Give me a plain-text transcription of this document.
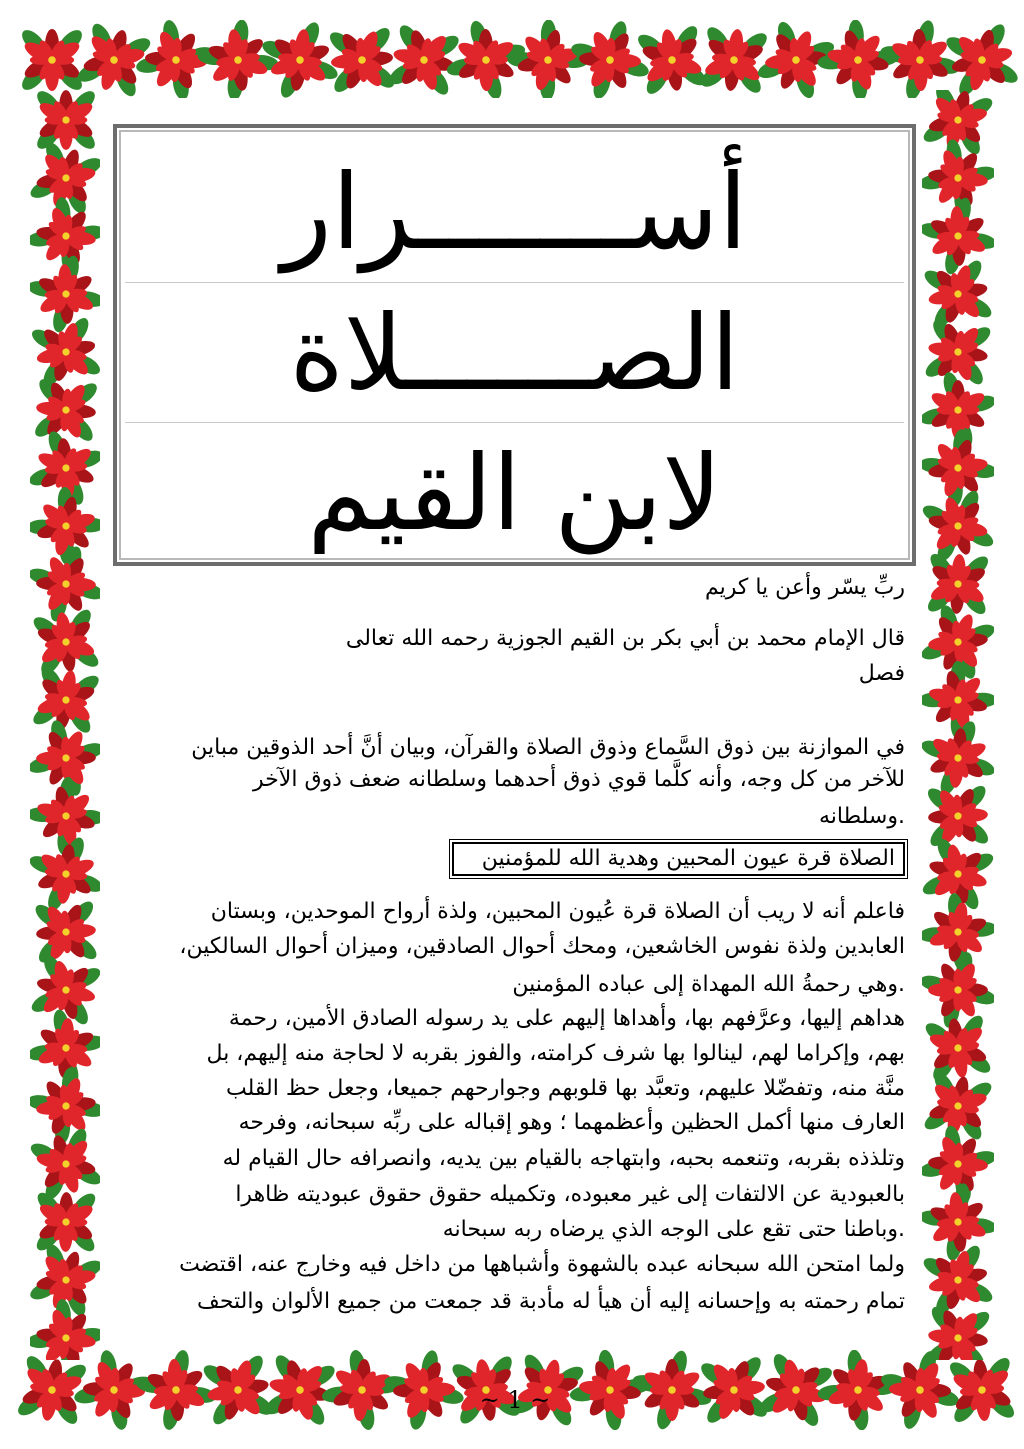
أســـــــرار
الصــــــلاة
لابن القيم
ربِّ يسّر وأعن يا كريم
قال الإمام محمد بن أبي بكر بن القيم الجوزية رحمه الله تعالى
فصل
في الموازنة بين ذوق السَّماع وذوق الصلاة والقرآن، وبيان أنَّ أحد الذوقين مباين
للآخر من كل وجه، وأنه كلَّما قوي ذوق أحدهما وسلطانه ضعف ذوق الآخر
.وسلطانه
الصلاة قرة عيون المحبين وهدية الله للمؤمنين
فاعلم أنه لا ريب أن الصلاة قرة عُيون المحبين، ولذة أرواح الموحدين، وبستان
العابدين ولذة نفوس الخاشعين، ومحك أحوال الصادقين، وميزان أحوال السالكين،
.وهي رحمةُ الله المهداة إلى عباده المؤمنين
هداهم إليها، وعرَّفهم بها، وأهداها إليهم على يد رسوله الصادق الأمين، رحمة
بهم، وإكراما لهم، لينالوا بها شرف كرامته، والفوز بقربه لا لحاجة منه إليهم، بل
منَّة منه، وتفضّلا عليهم، وتعبَّد بها قلوبهم وجوارحهم جميعا، وجعل حظ القلب
العارف منها أكمل الحظين وأعظمهما ؛ وهو إقباله على ربِّه سبحانه، وفرحه
وتلذذه بقربه، وتنعمه بحبه، وابتهاجه بالقيام بين يديه، وانصرافه حال القيام له
بالعبودية عن الالتفات إلى غير معبوده، وتكميله حقوق حقوق عبوديته ظاهرا
.وباطنا حتى تقع على الوجه الذي يرضاه ربه سبحانه
ولما امتحن الله سبحانه عبده بالشهوة وأشباهها من داخل فيه وخارج عنه، اقتضت
تمام رحمته به وإحسانه إليه أن هيأ له مأدبة قد جمعت من جميع الألوان والتحف
~ 1 ~
